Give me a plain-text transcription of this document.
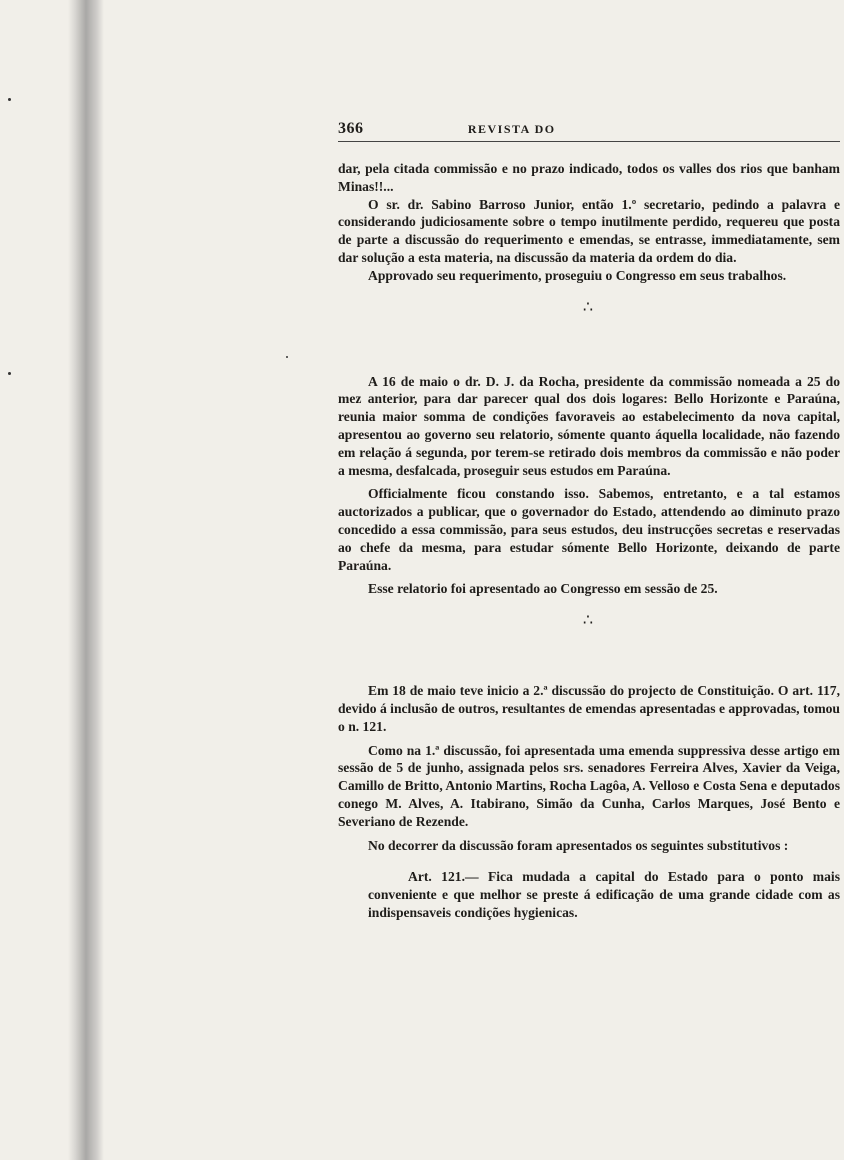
366	REVISTA DO

dar, pela citada commissão e no prazo indicado, todos os valles dos rios que banham Minas!!...

O sr. dr. Sabino Barroso Junior, então 1.º secretario, pedindo a palavra e considerando judiciosamente sobre o tempo inutilmente perdido, requereu que posta de parte a discussão do requerimento e emendas, se entrasse, immediatamente, sem dar solução a esta materia, na discussão da materia da ordem do dia.

Approvado seu requerimento, proseguiu o Congresso em seus trabalhos.

∴

A 16 de maio o dr. D. J. da Rocha, presidente da commissão nomeada a 25 do mez anterior, para dar parecer qual dos dois logares: Bello Horizonte e Paraúna, reunia maior somma de condições favoraveis ao estabelecimento da nova capital, apresentou ao governo seu relatorio, sómente quanto áquella localidade, não fazendo em relação á segunda, por terem-se retirado dois membros da commissão e não poder a mesma, desfalcada, proseguir seus estudos em Paraúna.

Officialmente ficou constando isso. Sabemos, entretanto, e a tal estamos auctorizados a publicar, que o governador do Estado, attendendo ao diminuto prazo concedido a essa commissão, para seus estudos, deu instrucções secretas e reservadas ao chefe da mesma, para estudar sómente Bello Horizonte, deixando de parte Paraúna.

Esse relatorio foi apresentado ao Congresso em sessão de 25.

∴

Em 18 de maio teve inicio a 2.ª discussão do projecto de Constituição. O art. 117, devido á inclusão de outros, resultantes de emendas apresentadas e approvadas, tomou o n. 121.

Como na 1.ª discussão, foi apresentada uma emenda suppressiva desse artigo em sessão de 5 de junho, assignada pelos srs. senadores Ferreira Alves, Xavier da Veiga, Camillo de Britto, Antonio Martins, Rocha Lagôa, A. Velloso e Costa Sena e deputados conego M. Alves, A. Itabirano, Simão da Cunha, Carlos Marques, José Bento e Severiano de Rezende.

No decorrer da discussão foram apresentados os seguintes substitutivos :

Art. 121.— Fica mudada a capital do Estado para o ponto mais conveniente e que melhor se preste á edificação de uma grande cidade com as indispensaveis condições hygienicas.
